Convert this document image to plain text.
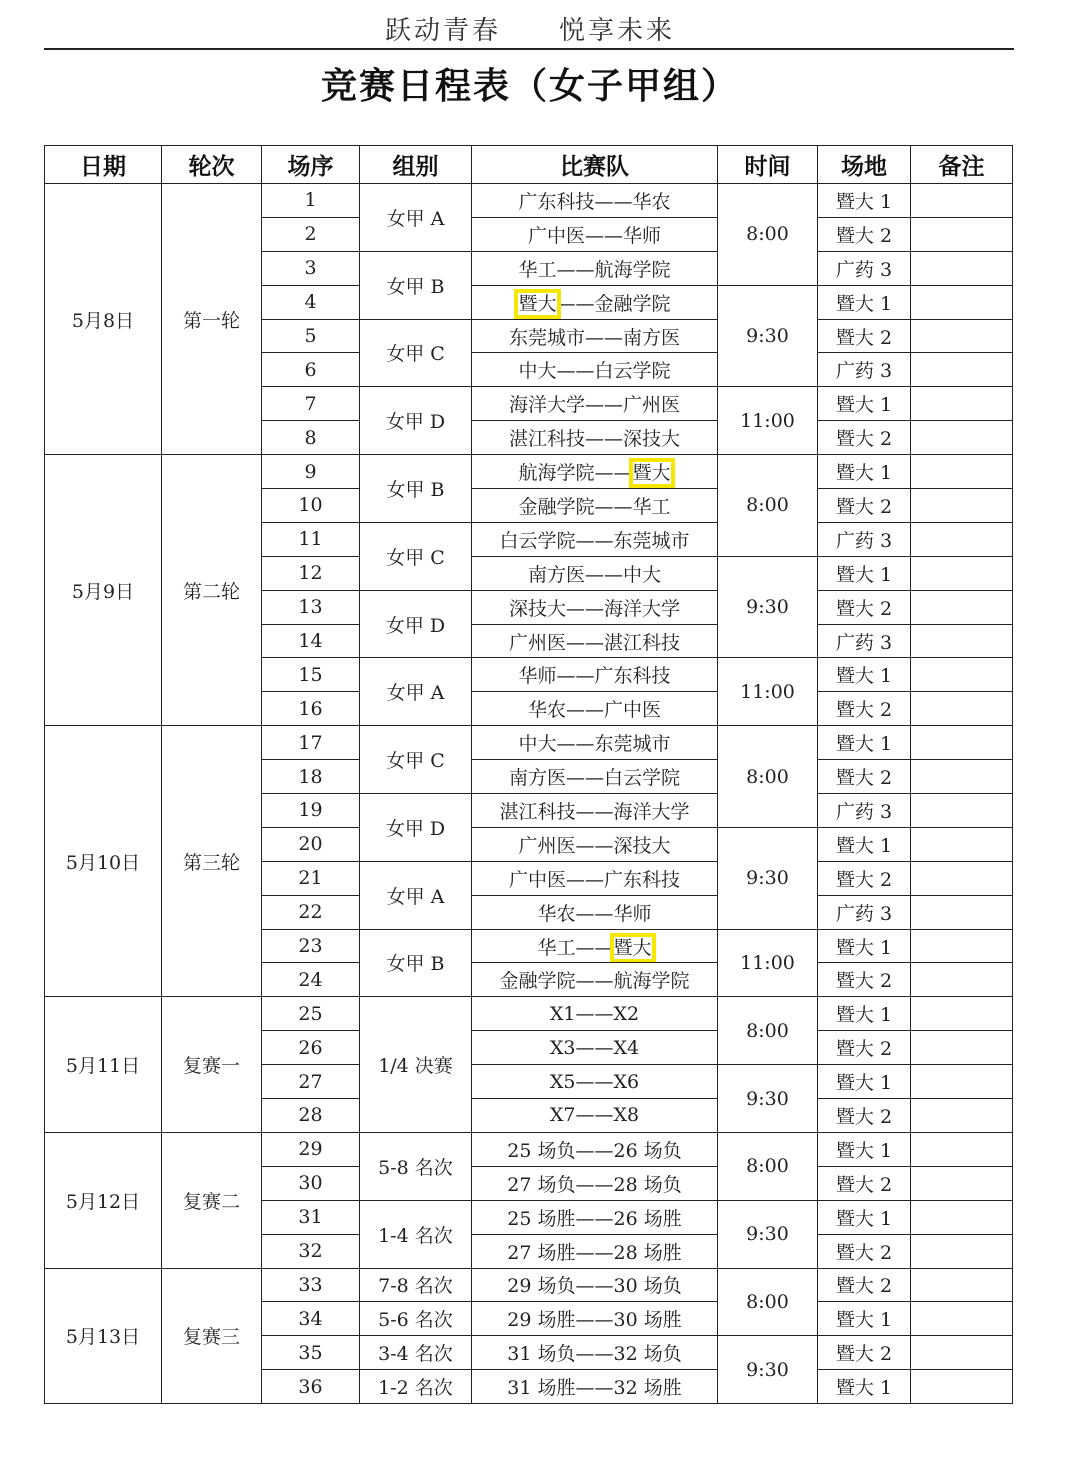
跃动青春　　悦享未来
竞赛日程表（女子甲组）
日期	轮次	场序	组别	比赛队	时间	场地	备注
5月8日	第一轮	1	女甲 A	广东科技——华农	8:00	暨大 1	
		2		广中医——华师		暨大 2	
		3	女甲 B	华工——航海学院		广药 3	
		4		暨大——金融学院	9:30	暨大 1	
		5	女甲 C	东莞城市——南方医		暨大 2	
		6		中大——白云学院		广药 3	
		7	女甲 D	海洋大学——广州医	11:00	暨大 1	
		8		湛江科技——深技大		暨大 2	
5月9日	第二轮	9	女甲 B	航海学院——暨大	8:00	暨大 1	
		10		金融学院——华工		暨大 2	
		11	女甲 C	白云学院——东莞城市		广药 3	
		12		南方医——中大	9:30	暨大 1	
		13	女甲 D	深技大——海洋大学		暨大 2	
		14		广州医——湛江科技		广药 3	
		15	女甲 A	华师——广东科技	11:00	暨大 1	
		16		华农——广中医		暨大 2	
5月10日	第三轮	17	女甲 C	中大——东莞城市	8:00	暨大 1	
		18		南方医——白云学院		暨大 2	
		19	女甲 D	湛江科技——海洋大学		广药 3	
		20		广州医——深技大	9:30	暨大 1	
		21	女甲 A	广中医——广东科技		暨大 2	
		22		华农——华师		广药 3	
		23	女甲 B	华工——暨大	11:00	暨大 1	
		24		金融学院——航海学院		暨大 2	
5月11日	复赛一	25	1/4 决赛	X1——X2	8:00	暨大 1	
		26		X3——X4		暨大 2	
		27		X5——X6	9:30	暨大 1	
		28		X7——X8		暨大 2	
5月12日	复赛二	29	5-8 名次	25 场负——26 场负	8:00	暨大 1	
		30		27 场负——28 场负		暨大 2	
		31	1-4 名次	25 场胜——26 场胜	9:30	暨大 1	
		32		27 场胜——28 场胜		暨大 2	
5月13日	复赛三	33	7-8 名次	29 场负——30 场负	8:00	暨大 2	
		34	5-6 名次	29 场胜——30 场胜		暨大 1	
		35	3-4 名次	31 场负——32 场负	9:30	暨大 2	
		36	1-2 名次	31 场胜——32 场胜		暨大 1	
